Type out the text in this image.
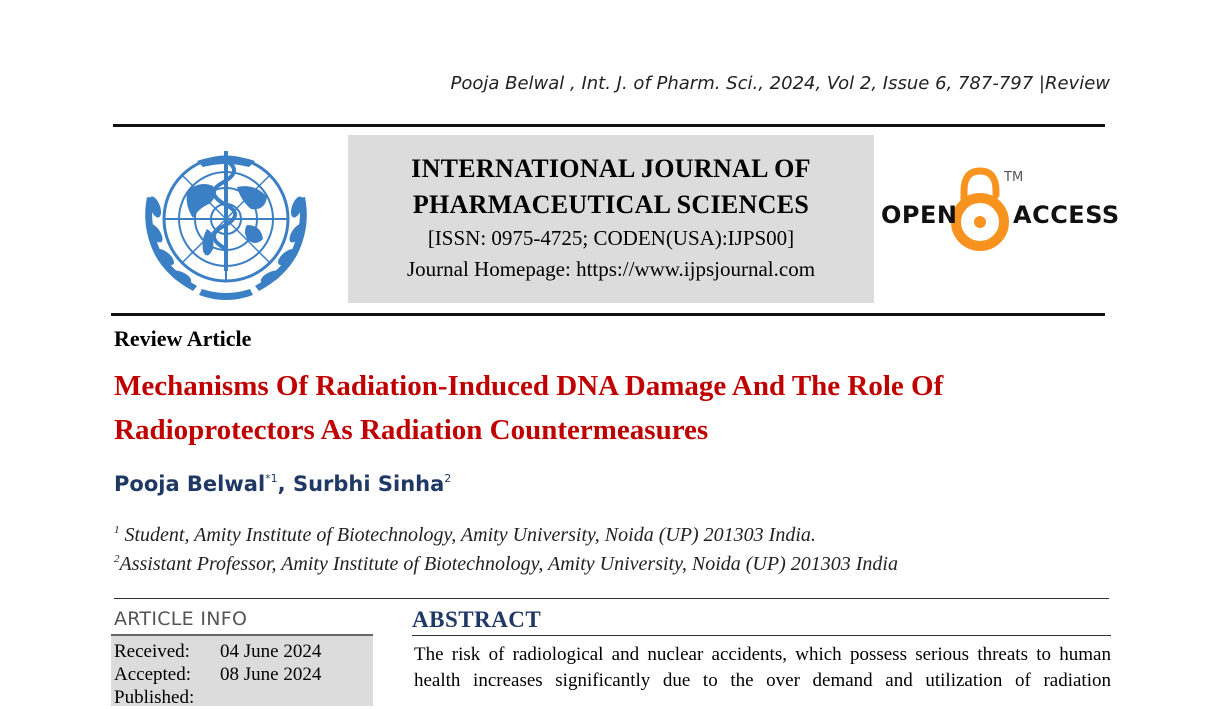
Pooja Belwal , Int. J. of Pharm. Sci., 2024, Vol 2, Issue 6, 787-797 |Review
INTERNATIONAL JOURNAL OF
PHARMACEUTICAL SCIENCES
[ISSN: 0975-4725; CODEN(USA):IJPS00]
Journal Homepage: https://www.ijpsjournal.com
TM
OPEN ACCESS
Review Article
Mechanisms Of Radiation-Induced DNA Damage And The Role Of Radioprotectors As Radiation Countermeasures
Pooja Belwal$^{*1}$, Surbhi Sinha$^2$
$^1$ Student, Amity Institute of Biotechnology, Amity University, Noida (UP) 201303 India.
$^2$Assistant Professor, Amity Institute of Biotechnology, Amity University, Noida (UP) 201303 India
ARTICLE INFO
Received: 04 June 2024
Accepted: 08 June 2024
Published:
ABSTRACT
The risk of radiological and nuclear accidents, which possess serious threats to human
health increases significantly due to the over demand and utilization of radiation
